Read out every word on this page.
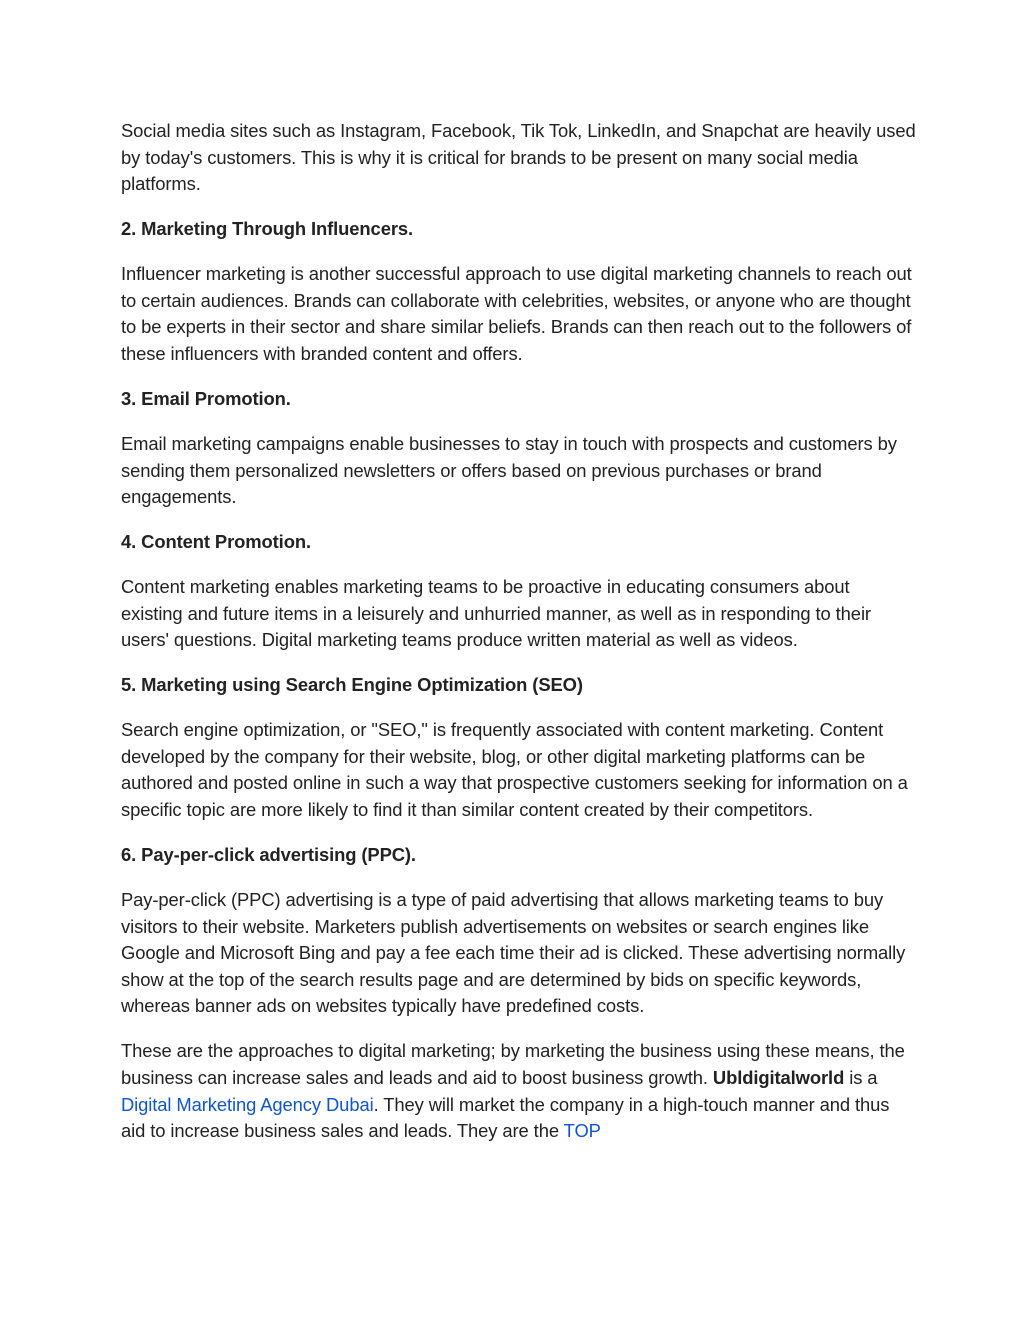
Social media sites such as Instagram, Facebook, Tik Tok, LinkedIn, and Snapchat are heavily used by today's customers. This is why it is critical for brands to be present on many social media platforms.

2. Marketing Through Influencers.

Influencer marketing is another successful approach to use digital marketing channels to reach out to certain audiences. Brands can collaborate with celebrities, websites, or anyone who are thought to be experts in their sector and share similar beliefs. Brands can then reach out to the followers of these influencers with branded content and offers.

3. Email Promotion.

Email marketing campaigns enable businesses to stay in touch with prospects and customers by sending them personalized newsletters or offers based on previous purchases or brand engagements.

4. Content Promotion.

Content marketing enables marketing teams to be proactive in educating consumers about existing and future items in a leisurely and unhurried manner, as well as in responding to their users' questions. Digital marketing teams produce written material as well as videos.

5. Marketing using Search Engine Optimization (SEO)

Search engine optimization, or "SEO," is frequently associated with content marketing. Content developed by the company for their website, blog, or other digital marketing platforms can be authored and posted online in such a way that prospective customers seeking for information on a specific topic are more likely to find it than similar content created by their competitors.

6. Pay-per-click advertising (PPC).

Pay-per-click (PPC) advertising is a type of paid advertising that allows marketing teams to buy visitors to their website. Marketers publish advertisements on websites or search engines like Google and Microsoft Bing and pay a fee each time their ad is clicked. These advertising normally show at the top of the search results page and are determined by bids on specific keywords, whereas banner ads on websites typically have predefined costs.

These are the approaches to digital marketing; by marketing the business using these means, the business can increase sales and leads and aid to boost business growth. Ubldigitalworld is a Digital Marketing Agency Dubai. They will market the company in a high-touch manner and thus aid to increase business sales and leads. They are the TOP
